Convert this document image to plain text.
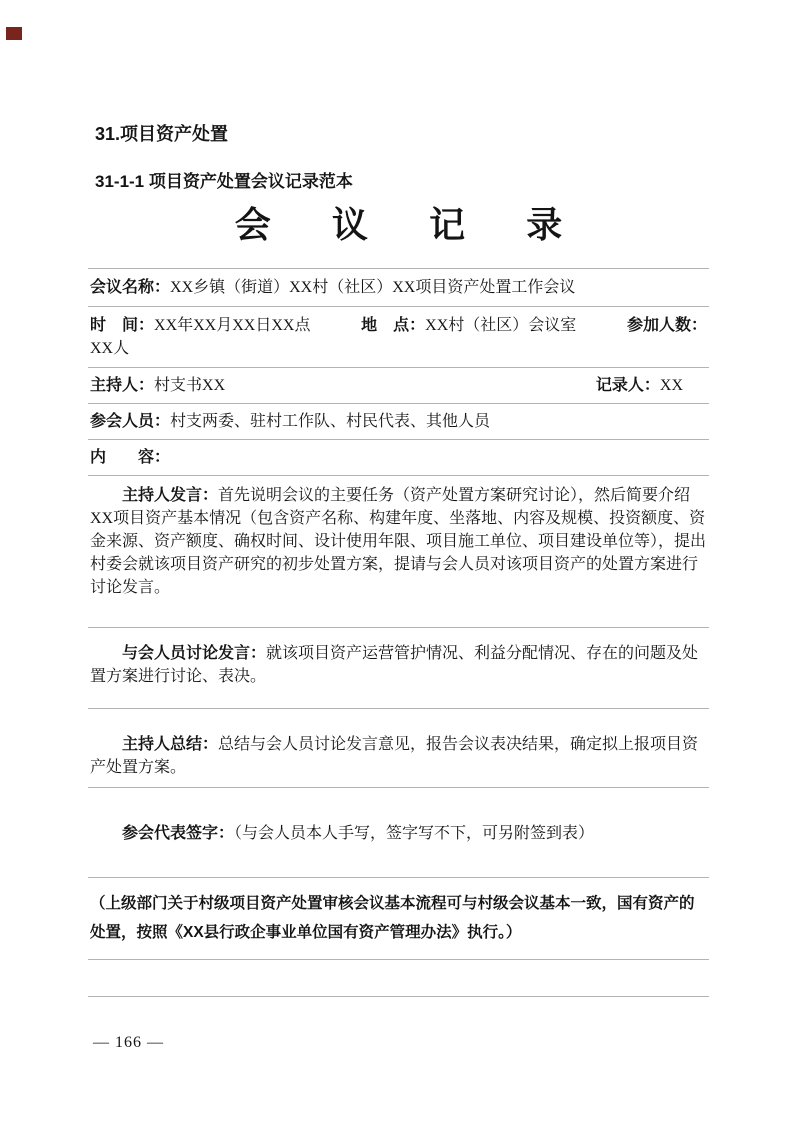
31.项目资产处置
31-1-1 项目资产处置会议记录范本
会议记录
会议名称：XX乡镇（街道）XX村（社区）XX项目资产处置工作会议
时　间：XX年XX月XX日XX点	地　点：XX村（社区）会议室	参加人数：
XX人
主持人：村支书XX	记录人：XX
参会人员：村支两委、驻村工作队、村民代表、其他人员
内　　容：
主持人发言：首先说明会议的主要任务（资产处置方案研究讨论），然后简要介绍XX项目资产基本情况（包含资产名称、构建年度、坐落地、内容及规模、投资额度、资金来源、资产额度、确权时间、设计使用年限、项目施工单位、项目建设单位等），提出村委会就该项目资产研究的初步处置方案，提请与会人员对该项目资产的处置方案进行讨论发言。
与会人员讨论发言：就该项目资产运营管护情况、利益分配情况、存在的问题及处置方案进行讨论、表决。
主持人总结：总结与会人员讨论发言意见，报告会议表决结果，确定拟上报项目资产处置方案。
参会代表签字：（与会人员本人手写，签字写不下，可另附签到表）
（上级部门关于村级项目资产处置审核会议基本流程可与村级会议基本一致，国有资产的处置，按照《XX县行政企事业单位国有资产管理办法》执行。）
— 166 —
